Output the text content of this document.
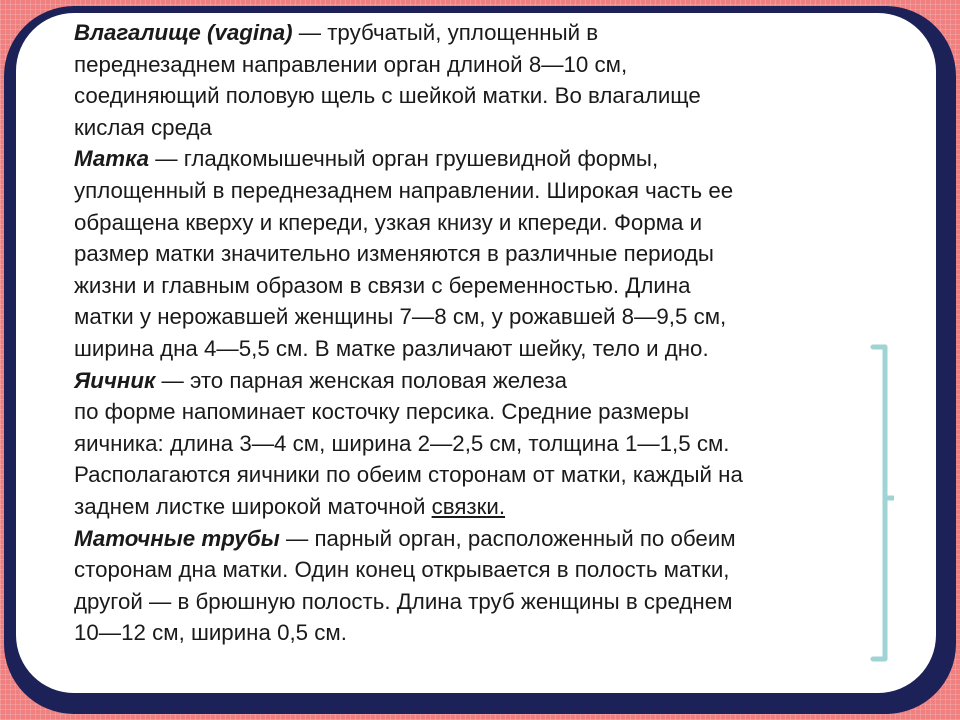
Влагалище (vagina) — трубчатый, уплощенный в
переднезаднем направлении орган длиной 8—10 см,
соединяющий половую щель с шейкой матки. Во влагалище
кислая среда
Матка — гладкомышечный орган грушевидной формы,
уплощенный в переднезаднем направлении. Широкая часть ее
обращена кверху и кпереди, узкая книзу и кпереди. Форма и
размер матки значительно изменяются в различные периоды
жизни и главным образом в связи с беременностью. Длина
матки у нерожавшей женщины 7—8 см, у рожавшей 8—9,5 см,
ширина дна 4—5,5 см. В матке различают шейку, тело и дно.
Яичник — это парная женская половая железа
по форме напоминает косточку персика. Средние размеры
яичника: длина 3—4 см, ширина 2—2,5 см, толщина 1—1,5 см.
Располагаются яичники по обеим сторонам от матки, каждый на
заднем листке широкой маточной связки.
Маточные трубы — парный орган, расположенный по обеим
сторонам дна матки. Один конец открывается в полость матки,
другой — в брюшную полость. Длина труб женщины в среднем
10—12 см, ширина 0,5 см.
